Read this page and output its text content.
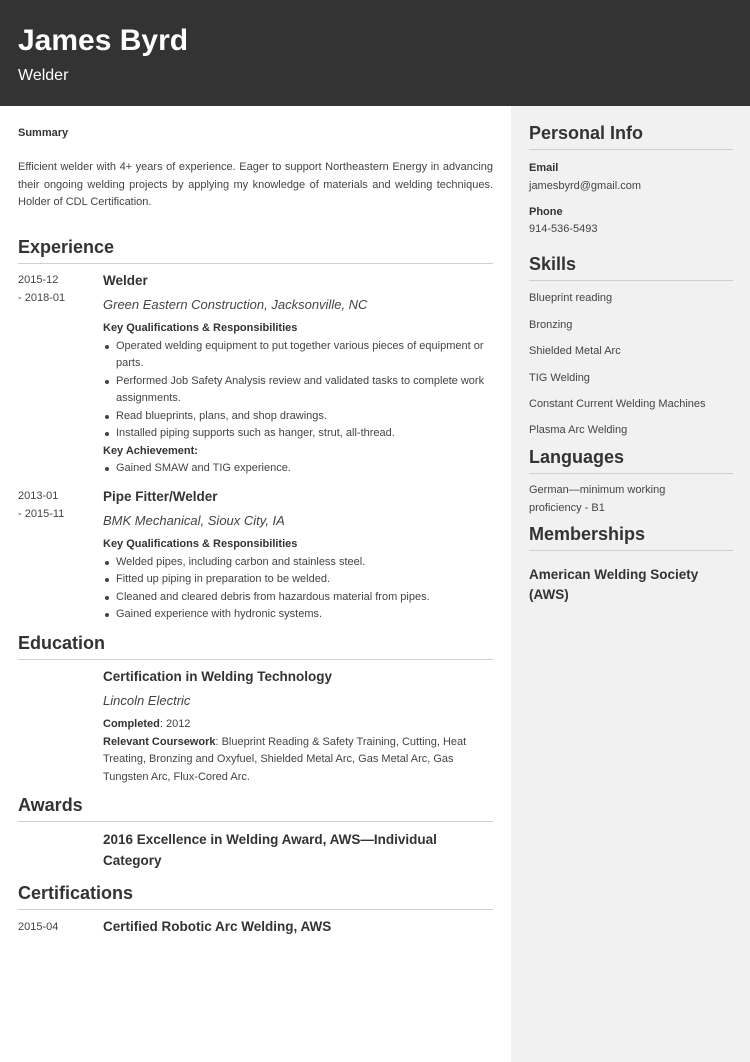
James Byrd
Welder
Summary
Efficient welder with 4+ years of experience. Eager to support Northeastern Energy in advancing their ongoing welding projects by applying my knowledge of materials and welding techniques. Holder of CDL Certification.
Experience
2015-12
- 2018-01
Welder
Green Eastern Construction, Jacksonville, NC
Key Qualifications & Responsibilities
Operated welding equipment to put together various pieces of equipment or parts.
Performed Job Safety Analysis review and validated tasks to complete work assignments.
Read blueprints, plans, and shop drawings.
Installed piping supports such as hanger, strut, all-thread.
Key Achievement:
Gained SMAW and TIG experience.
2013-01
- 2015-11
Pipe Fitter/Welder
BMK Mechanical, Sioux City, IA
Key Qualifications & Responsibilities
Welded pipes, including carbon and stainless steel.
Fitted up piping in preparation to be welded.
Cleaned and cleared debris from hazardous material from pipes.
Gained experience with hydronic systems.
Education
Certification in Welding Technology
Lincoln Electric
Completed: 2012
Relevant Coursework: Blueprint Reading & Safety Training, Cutting, Heat Treating, Bronzing and Oxyfuel, Shielded Metal Arc, Gas Metal Arc, Gas Tungsten Arc, Flux-Cored Arc.
Awards
2016 Excellence in Welding Award, AWS—Individual Category
Certifications
2015-04	Certified Robotic Arc Welding, AWS
Personal Info
Email
jamesbyrd@gmail.com
Phone
914-536-5493
Skills
Blueprint reading
Bronzing
Shielded Metal Arc
TIG Welding
Constant Current Welding Machines
Plasma Arc Welding
Languages
German—minimum working proficiency - B1
Memberships
American Welding Society (AWS)
